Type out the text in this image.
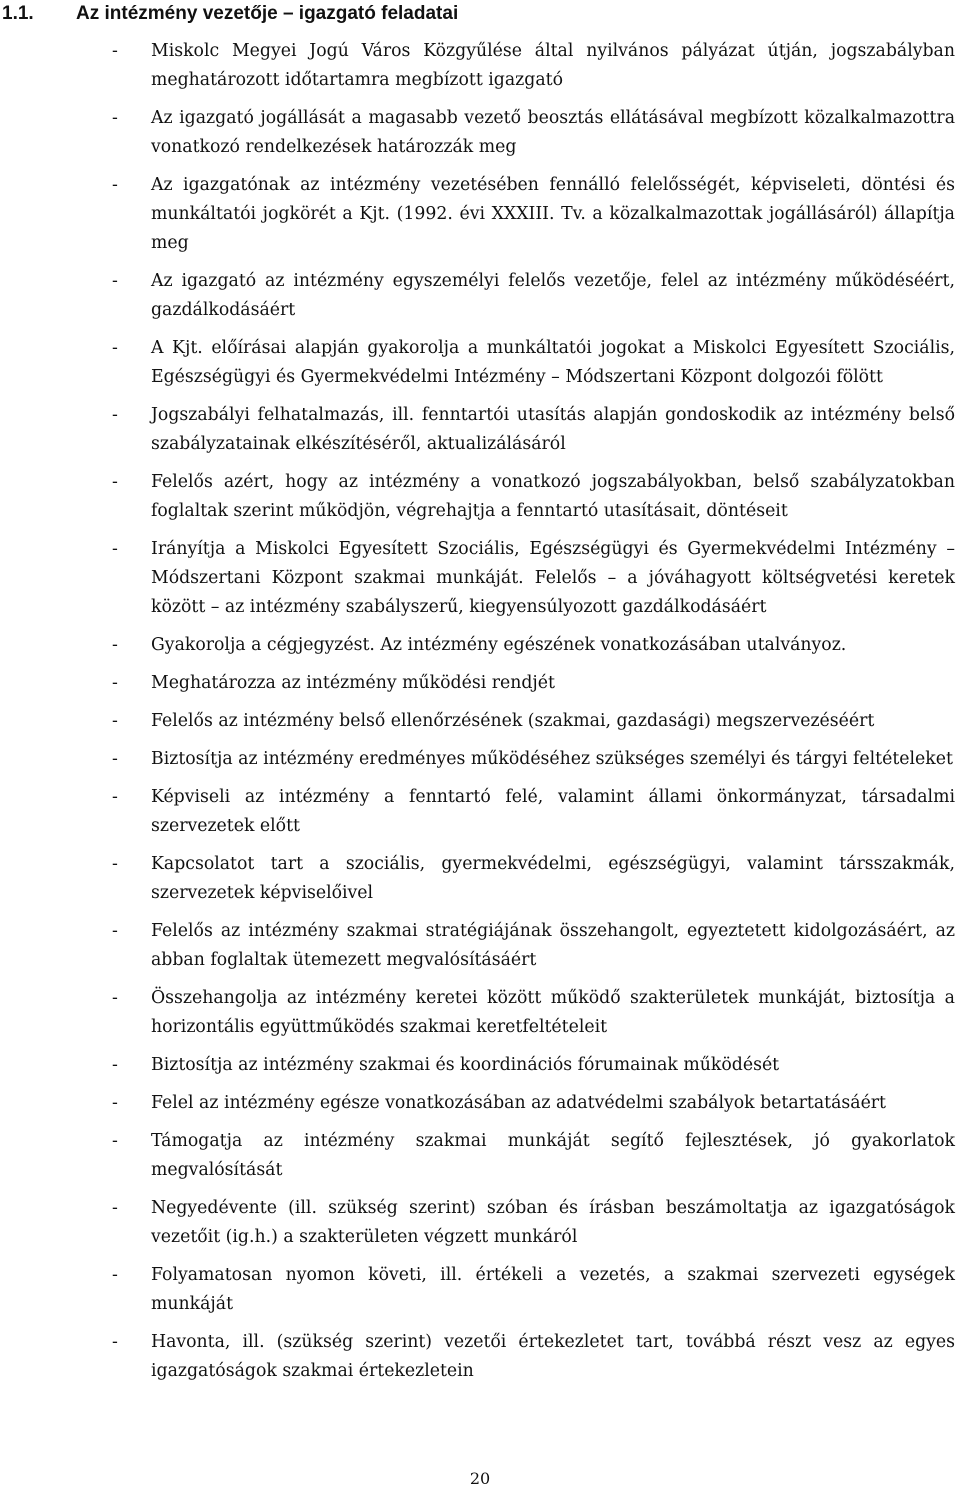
1.1.	Az intézmény vezetője – igazgató feladatai
- Miskolc Megyei Jogú Város Közgyűlése által nyilvános pályázat útján, jogszabályban meghatározott időtartamra megbízott igazgató
- Az igazgató jogállását a magasabb vezető beosztás ellátásával megbízott közalkalmazottra vonatkozó rendelkezések határozzák meg
- Az igazgatónak az intézmény vezetésében fennálló felelősségét, képviseleti, döntési és munkáltatói jogkörét a Kjt. (1992. évi XXXIII. Tv. a közalkalmazottak jogállásáról) állapítja meg
- Az igazgató az intézmény egyszemélyi felelős vezetője, felel az intézmény működéséért, gazdálkodásáért
- A Kjt. előírásai alapján gyakorolja a munkáltatói jogokat a Miskolci Egyesített Szociális, Egészségügyi és Gyermekvédelmi Intézmény – Módszertani Központ dolgozói fölött
- Jogszabályi felhatalmazás, ill. fenntartói utasítás alapján gondoskodik az intézmény belső szabályzatainak elkészítéséről, aktualizálásáról
- Felelős azért, hogy az intézmény a vonatkozó jogszabályokban, belső szabályzatokban foglaltak szerint működjön, végrehajtja a fenntartó utasításait, döntéseit
- Irányítja a Miskolci Egyesített Szociális, Egészségügyi és Gyermekvédelmi Intézmény – Módszertani Központ szakmai munkáját. Felelős – a jóváhagyott költségvetési keretek között – az intézmény szabályszerű, kiegyensúlyozott gazdálkodásáért
- Gyakorolja a cégjegyzést. Az intézmény egészének vonatkozásában utalványoz.
- Meghatározza az intézmény működési rendjét
- Felelős az intézmény belső ellenőrzésének (szakmai, gazdasági) megszervezéséért
- Biztosítja az intézmény eredményes működéséhez szükséges személyi és tárgyi feltételeket
- Képviseli az intézmény a fenntartó felé, valamint állami önkormányzat, társadalmi szervezetek előtt
- Kapcsolatot tart a szociális, gyermekvédelmi, egészségügyi, valamint társszakmák, szervezetek képviselőivel
- Felelős az intézmény szakmai stratégiájának összehangolt, egyeztetett kidolgozásáért, az abban foglaltak ütemezett megvalósításáért
- Összehangolja az intézmény keretei között működő szakterületek munkáját, biztosítja a horizontális együttműködés szakmai keretfeltételeit
- Biztosítja az intézmény szakmai és koordinációs fórumainak működését
- Felel az intézmény egésze vonatkozásában az adatvédelmi szabályok betartatásáért
- Támogatja az intézmény szakmai munkáját segítő fejlesztések, jó gyakorlatok megvalósítását
- Negyedévente (ill. szükség szerint) szóban és írásban beszámoltatja az igazgatóságok vezetőit (ig.h.) a szakterületen végzett munkáról
- Folyamatosan nyomon követi, ill. értékeli a vezetés, a szakmai szervezeti egységek munkáját
- Havonta, ill. (szükség szerint) vezetői értekezletet tart, továbbá részt vesz az egyes igazgatóságok szakmai értekezletein
20
